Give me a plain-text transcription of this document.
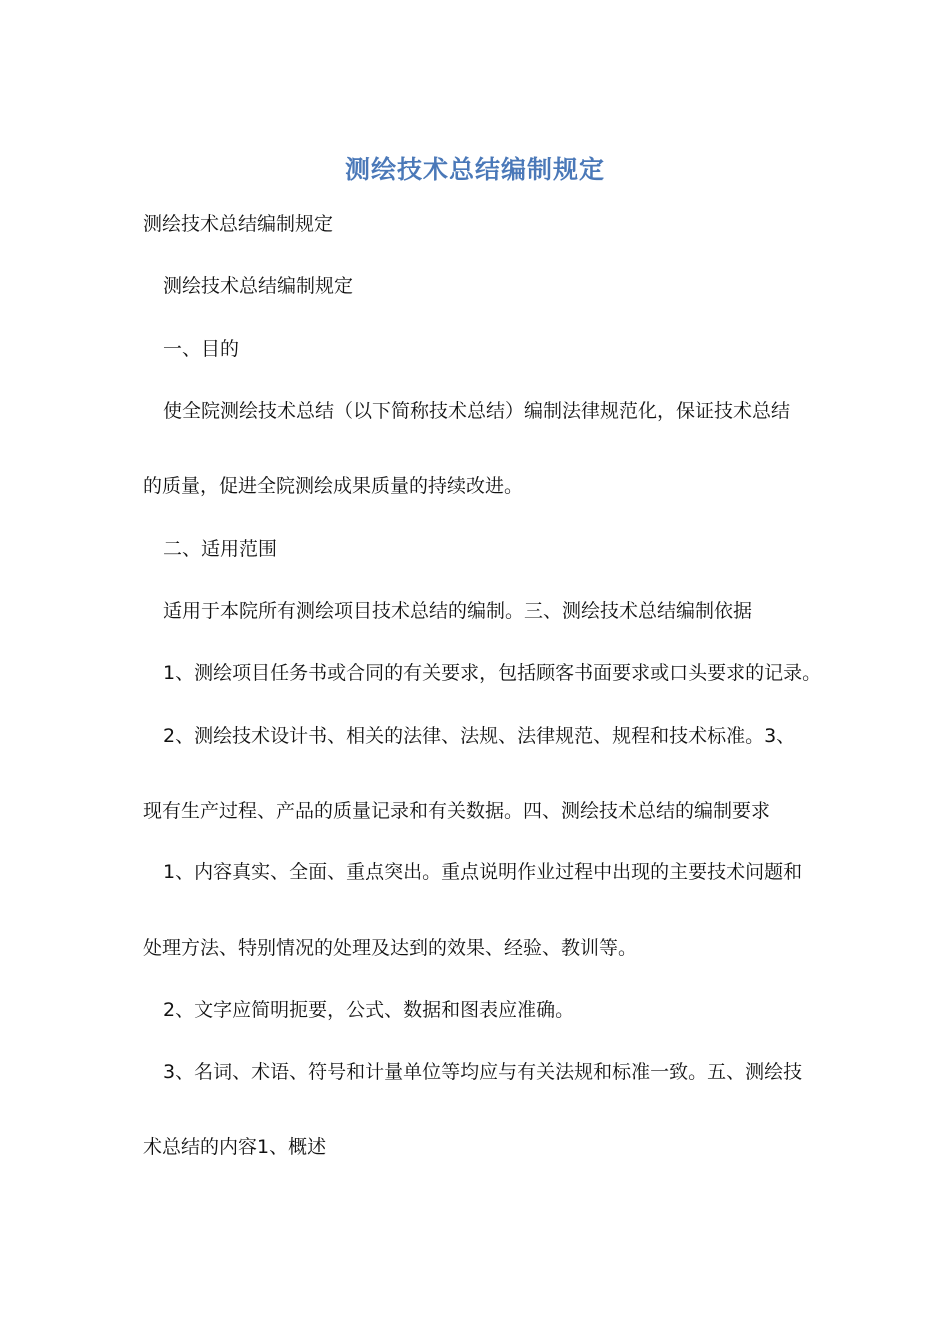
测绘技术总结编制规定
测绘技术总结编制规定
测绘技术总结编制规定
一、目的
使全院测绘技术总结（以下简称技术总结）编制法律规范化，保证技术总结
的质量，促进全院测绘成果质量的持续改进。
二、适用范围
适用于本院所有测绘项目技术总结的编制。三、测绘技术总结编制依据
1、测绘项目任务书或合同的有关要求，包括顾客书面要求或口头要求的记录。
2、测绘技术设计书、相关的法律、法规、法律规范、规程和技术标准。3、
现有生产过程、产品的质量记录和有关数据。四、测绘技术总结的编制要求
1、内容真实、全面、重点突出。重点说明作业过程中出现的主要技术问题和
处理方法、特别情况的处理及达到的效果、经验、教训等。
2、文字应简明扼要，公式、数据和图表应准确。
3、名词、术语、符号和计量单位等均应与有关法规和标准一致。五、测绘技
术总结的内容1、概述
